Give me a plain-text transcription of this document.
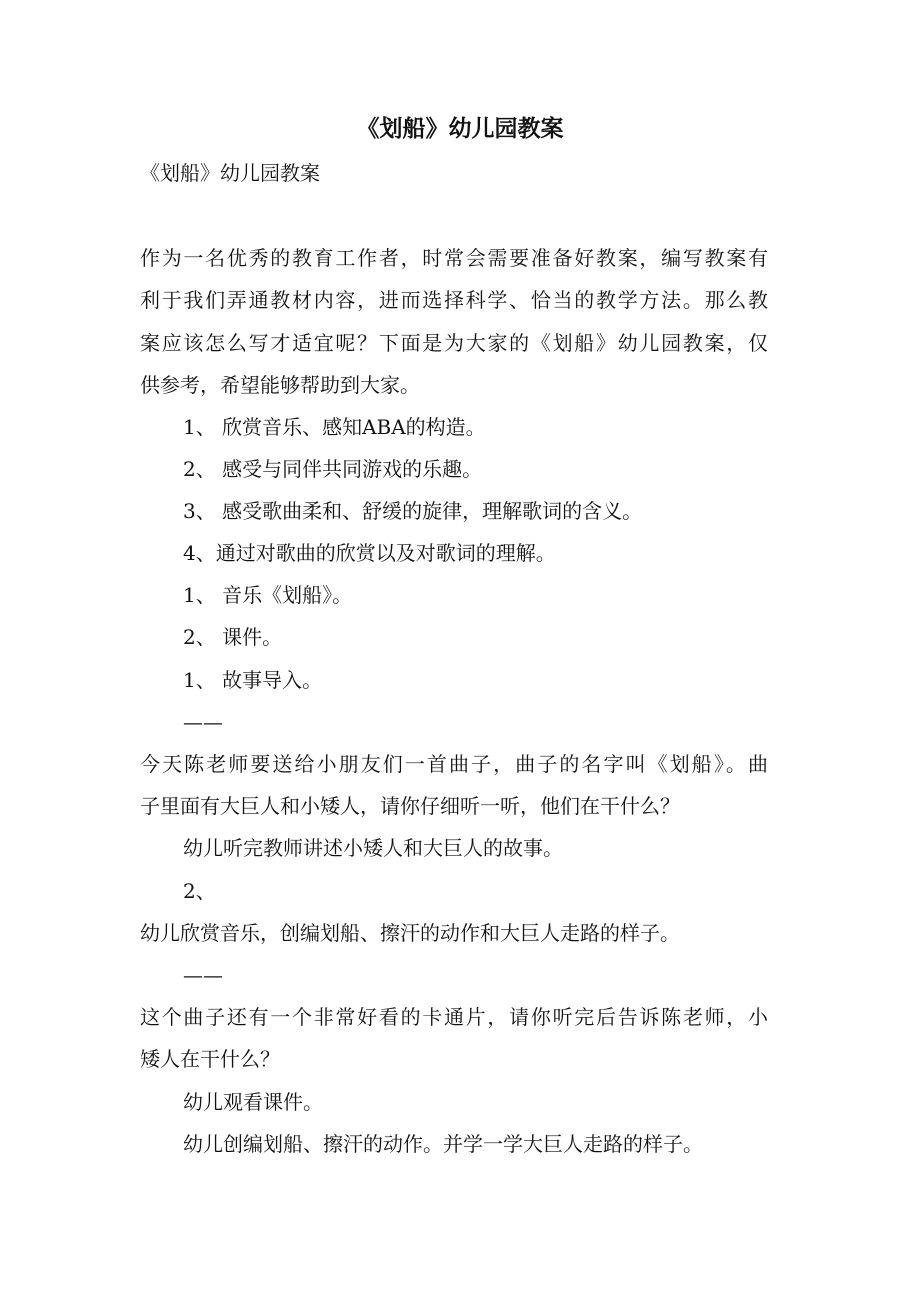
《划船》幼儿园教案
《划船》幼儿园教案
作为一名优秀的教育工作者，时常会需要准备好教案，编写教案有
利于我们弄通教材内容，进而选择科学、恰当的教学方法。那么教
案应该怎么写才适宜呢？下面是为大家的《划船》幼儿园教案，仅
供参考，希望能够帮助到大家。
1、 欣赏音乐、感知ABA的构造。
2、 感受与同伴共同游戏的乐趣。
3、 感受歌曲柔和、舒缓的旋律，理解歌词的含义。
4、通过对歌曲的欣赏以及对歌词的理解。
1、 音乐《划船》。
2、 课件。
1、 故事导入。
——
今天陈老师要送给小朋友们一首曲子，曲子的名字叫《划船》。曲
子里面有大巨人和小矮人，请你仔细听一听，他们在干什么？
幼儿听完教师讲述小矮人和大巨人的故事。
2、
幼儿欣赏音乐，创编划船、擦汗的动作和大巨人走路的样子。
——
这个曲子还有一个非常好看的卡通片，请你听完后告诉陈老师，小
矮人在干什么？
幼儿观看课件。
幼儿创编划船、擦汗的动作。并学一学大巨人走路的样子。
